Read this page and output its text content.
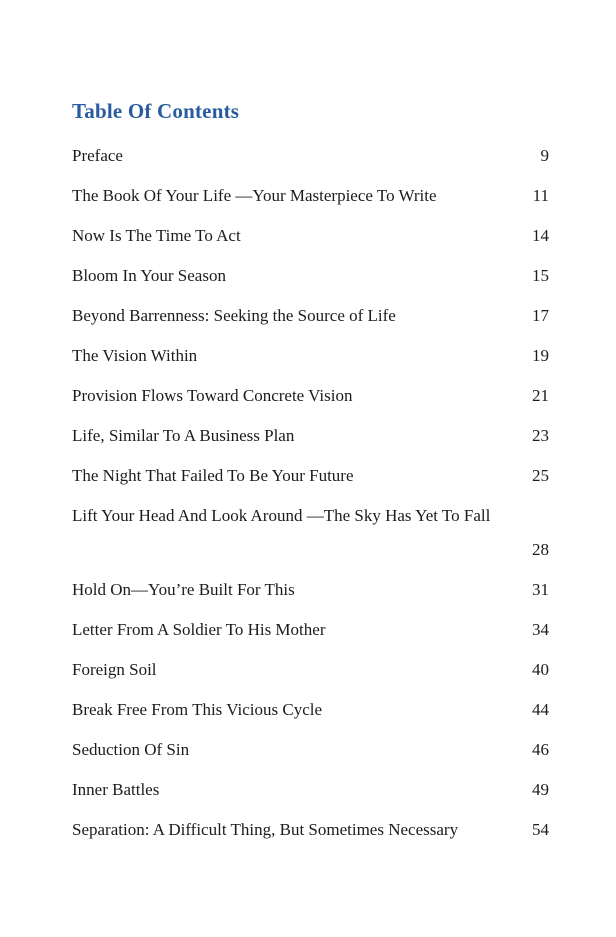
Table Of Contents
Preface	9
The Book Of Your Life —Your Masterpiece To Write	11
Now Is The Time To Act	14
Bloom In Your Season	15
Beyond Barrenness: Seeking the Source of Life	17
The Vision Within	19
Provision Flows Toward Concrete Vision	21
Life, Similar To A Business Plan	23
The Night That Failed To Be Your Future	25
Lift Your Head And Look Around —The Sky Has Yet To Fall
28
Hold On—You’re Built For This	31
Letter From A Soldier To His Mother	34
Foreign Soil	40
Break Free From This Vicious Cycle	44
Seduction Of Sin	46
Inner Battles	49
Separation: A Difficult Thing, But Sometimes Necessary	54
